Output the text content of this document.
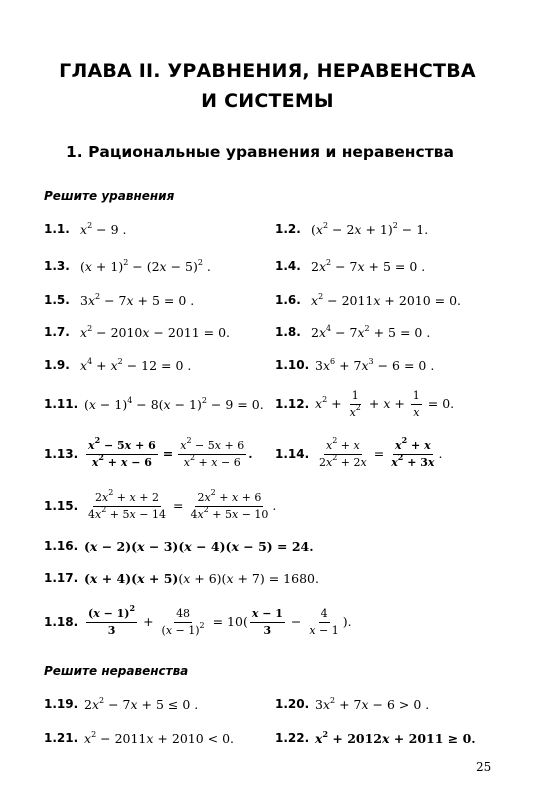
ГЛАВА II. УРАВНЕНИЯ, НЕРАВЕНСТВА
И СИСТЕМЫ
1. Рациональные уравнения и неравенства
Решите уравнения
1.1. $x^2 - 9$ .	1.2. $(x^2 - 2x + 1)^2 - 1$.
1.3. $(x + 1)^2 - (2x - 5)^2$ .	1.4. $2x^2 - 7x + 5 = 0$ .
1.5. $3x^2 - 7x + 5 = 0$ .	1.6. $x^2 - 2011x + 2010 = 0$.
1.7. $x^2 - 2010x - 2011 = 0$.	1.8. $2x^4 - 7x^2 + 5 = 0$ .
1.9. $x^4 + x^2 - 12 = 0$ .	1.10. $3x^6 + 7x^3 - 6 = 0$ .
1.11. $(x - 1)^4 - 8(x - 1)^2 - 9 = 0$. 1.12. $x^2 + \frac{1}{x^2} + x + \frac{1}{x} = 0$.
1.13. $\frac{x^2 - 5x + 6}{x^2 + x - 6} = \frac{x^2 - 5x + 6}{x^2 + x - 6}$ . 1.14. $\frac{x^2 + x}{2x^2 + 2x} = \frac{x^2 + x}{x^2 + 3x}$ .
1.15. $\frac{2x^2 + x + 2}{4x^2 + 5x - 14} = \frac{2x^2 + x + 6}{4x^2 + 5x - 10}$ .
1.16. (x − 2)(x − 3)(x − 4)(x − 5) = 24.
1.17. (x + 4)(x + 5)(x + 6)(x + 7) = 1680.
1.18. $\frac{(x - 1)^2}{3} + \frac{48}{(x - 1)^2} = 10( \frac{x - 1}{3} - \frac{4}{x - 1}$ ).
Решите неравенства
1.19. $2x^2 - 7x + 5 \le 0$ .	1.20. $3x^2 + 7x - 6 > 0$ .
1.21. $x^2 - 2011x + 2010 < 0$.	1.22. $x^2 + 2012x + 2011 \ge 0$.
25
